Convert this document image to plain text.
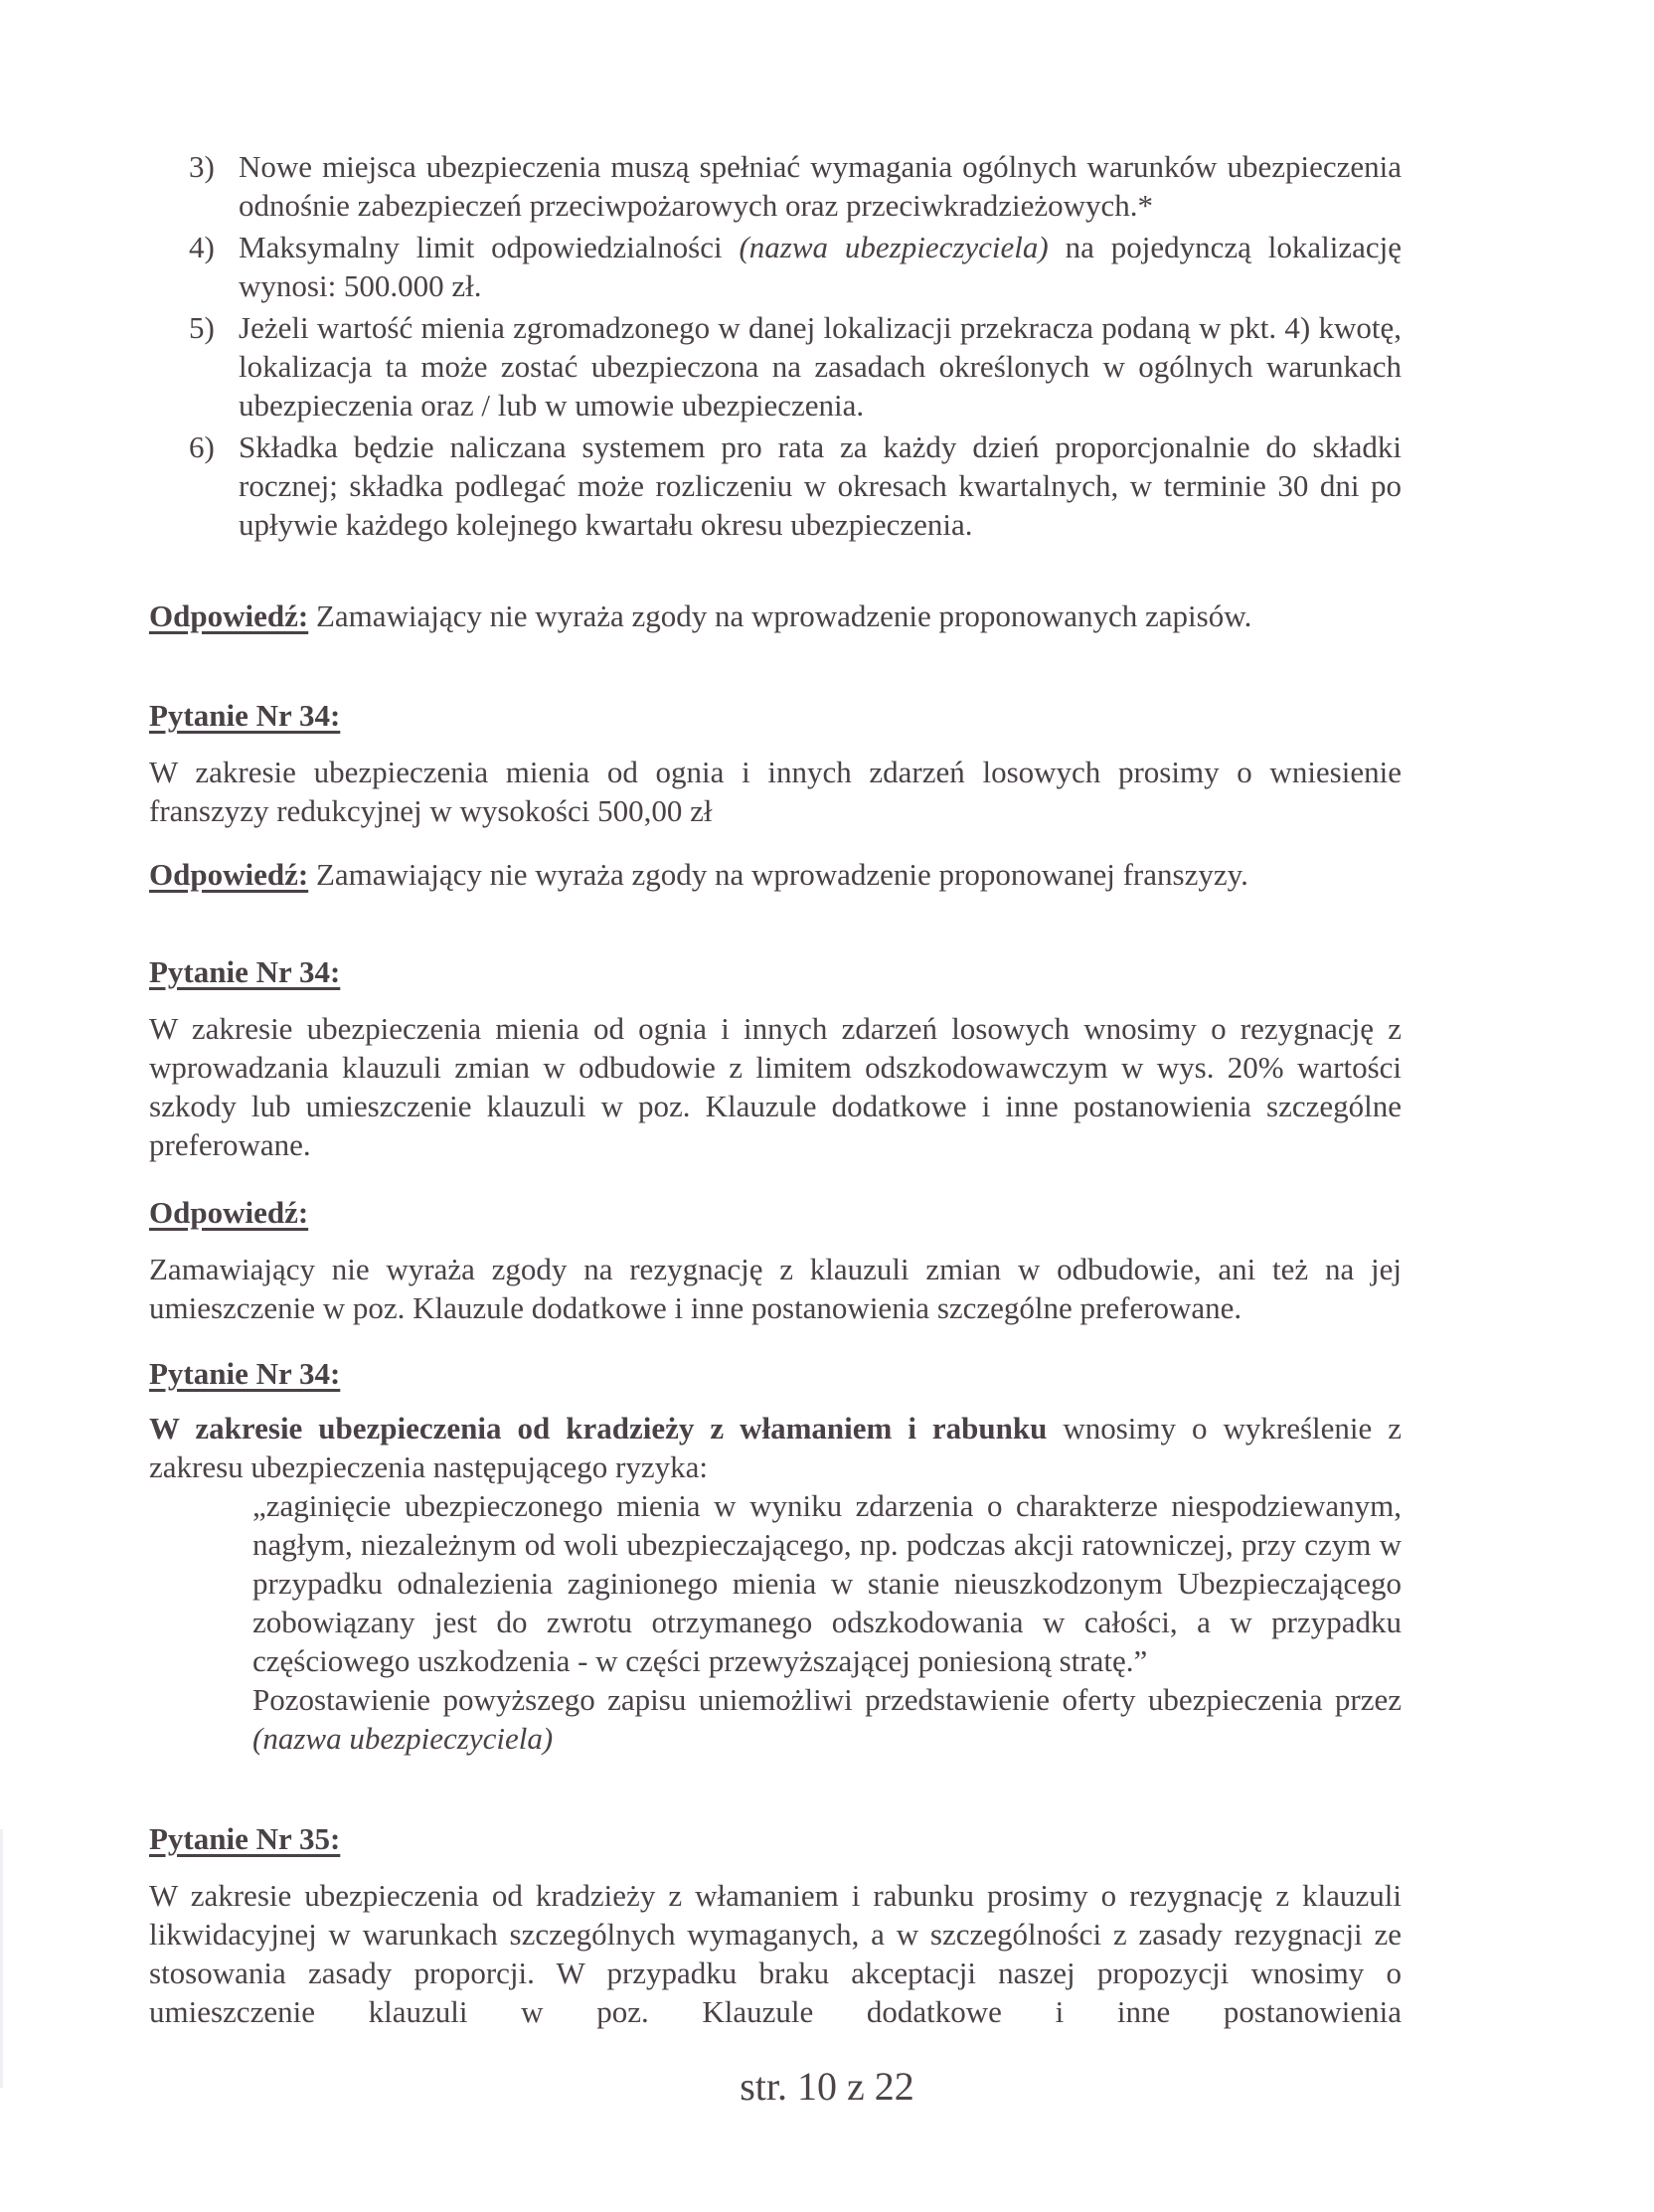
3) Nowe miejsca ubezpieczenia muszą spełniać wymagania ogólnych warunków ubezpieczenia odnośnie zabezpieczeń przeciwpożarowych oraz przeciwkradzieżowych.*
4) Maksymalny limit odpowiedzialności (nazwa ubezpieczyciela) na pojedynczą lokalizację wynosi: 500.000 zł.
5) Jeżeli wartość mienia zgromadzonego w danej lokalizacji przekracza podaną w pkt. 4) kwotę, lokalizacja ta może zostać ubezpieczona na zasadach określonych w ogólnych warunkach ubezpieczenia oraz / lub w umowie ubezpieczenia.
6) Składka będzie naliczana systemem pro rata za każdy dzień proporcjonalnie do składki rocznej; składka podlegać może rozliczeniu w okresach kwartalnych, w terminie 30 dni po upływie każdego kolejnego kwartału okresu ubezpieczenia.

Odpowiedź: Zamawiający nie wyraża zgody na wprowadzenie proponowanych zapisów.

Pytanie Nr 34:

W zakresie ubezpieczenia mienia od ognia i innych zdarzeń losowych prosimy o wniesienie franszyzy redukcyjnej w wysokości 500,00 zł

Odpowiedź: Zamawiający nie wyraża zgody na wprowadzenie proponowanej franszyzy.

Pytanie Nr 34:

W zakresie ubezpieczenia mienia od ognia i innych zdarzeń losowych wnosimy o rezygnację z wprowadzania klauzuli zmian w odbudowie z limitem odszkodowawczym w wys. 20% wartości szkody lub umieszczenie klauzuli w poz. Klauzule dodatkowe i inne postanowienia szczególne preferowane.

Odpowiedź:

Zamawiający nie wyraża zgody na rezygnację z klauzuli zmian w odbudowie, ani też na jej umieszczenie w poz. Klauzule dodatkowe i inne postanowienia szczególne preferowane.

Pytanie Nr 34:

W zakresie ubezpieczenia od kradzieży z włamaniem i rabunku wnosimy o wykreślenie z zakresu ubezpieczenia następującego ryzyka:

„zaginięcie ubezpieczonego mienia w wyniku zdarzenia o charakterze niespodziewanym, nagłym, niezależnym od woli ubezpieczającego, np. podczas akcji ratowniczej, przy czym w przypadku odnalezienia zaginionego mienia w stanie nieuszkodzonym Ubezpieczającego zobowiązany jest do zwrotu otrzymanego odszkodowania w całości, a w przypadku częściowego uszkodzenia - w części przewyższającej poniesioną stratę.”

Pozostawienie powyższego zapisu uniemożliwi przedstawienie oferty ubezpieczenia przez (nazwa ubezpieczyciela)

Pytanie Nr 35:

W zakresie ubezpieczenia od kradzieży z włamaniem i rabunku prosimy o rezygnację z klauzuli likwidacyjnej w warunkach szczególnych wymaganych, a w szczególności z zasady rezygnacji ze stosowania zasady proporcji. W przypadku braku akceptacji naszej propozycji wnosimy o umieszczenie klauzuli w poz. Klauzule dodatkowe i inne postanowienia

str. 10 z 22
